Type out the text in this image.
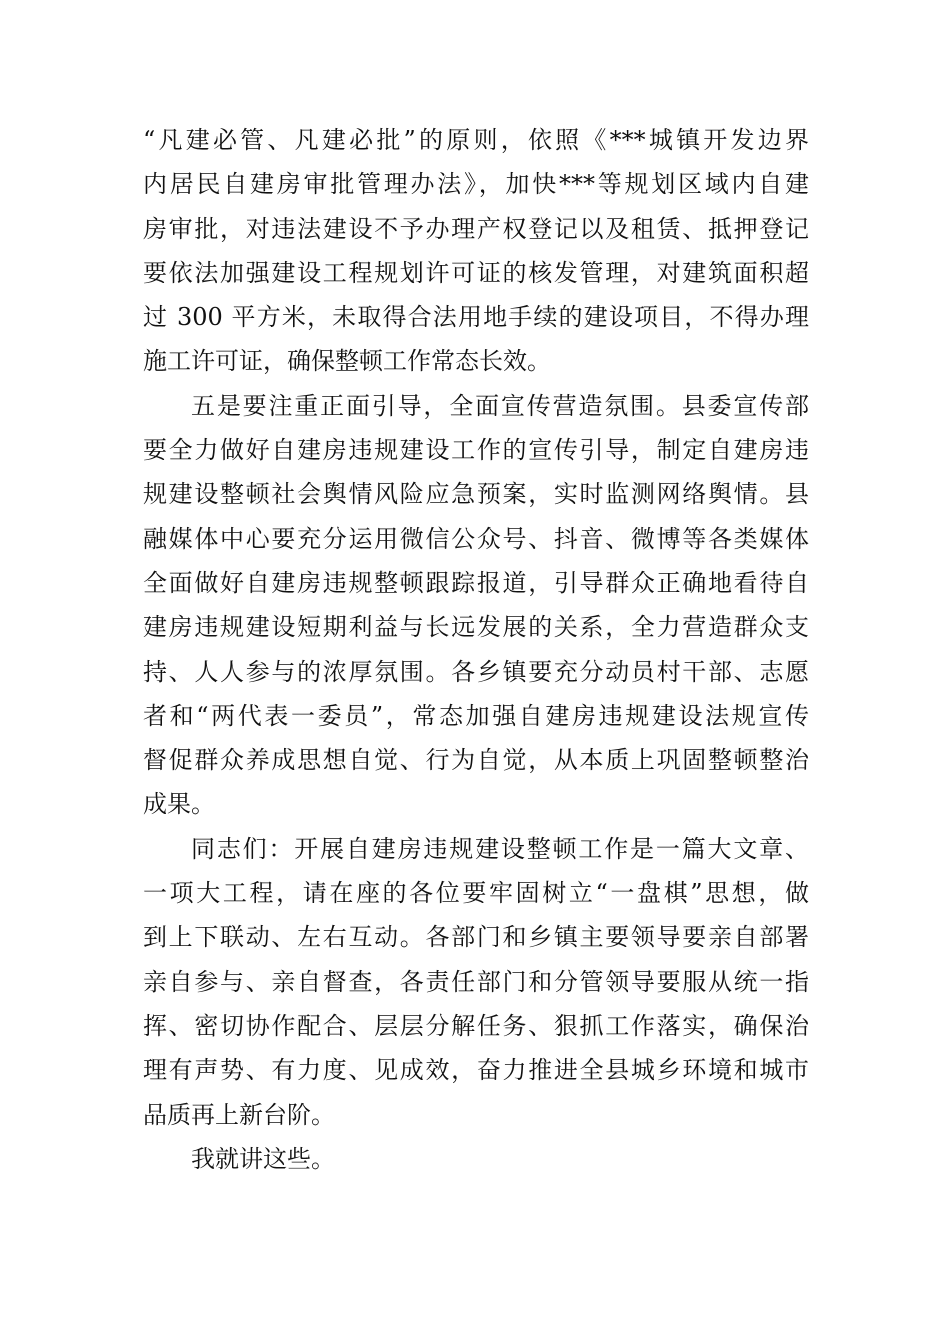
“凡建必管、凡建必批”的原则，依照《***城镇开发边界
内居民自建房审批管理办法》，加快***等规划区域内自建
房审批，对违法建设不予办理产权登记以及租赁、抵押登记
要依法加强建设工程规划许可证的核发管理，对建筑面积超
过 300 平方米，未取得合法用地手续的建设项目，不得办理
施工许可证，确保整顿工作常态长效。
五是要注重正面引导，全面宣传营造氛围。县委宣传部
要全力做好自建房违规建设工作的宣传引导，制定自建房违
规建设整顿社会舆情风险应急预案，实时监测网络舆情。县
融媒体中心要充分运用微信公众号、抖音、微博等各类媒体
全面做好自建房违规整顿跟踪报道，引导群众正确地看待自
建房违规建设短期利益与长远发展的关系，全力营造群众支
持、人人参与的浓厚氛围。各乡镇要充分动员村干部、志愿
者和“两代表一委员”，常态加强自建房违规建设法规宣传
督促群众养成思想自觉、行为自觉，从本质上巩固整顿整治
成果。
同志们：开展自建房违规建设整顿工作是一篇大文章、
一项大工程，请在座的各位要牢固树立“一盘棋”思想，做
到上下联动、左右互动。各部门和乡镇主要领导要亲自部署
亲自参与、亲自督查，各责任部门和分管领导要服从统一指
挥、密切协作配合、层层分解任务、狠抓工作落实，确保治
理有声势、有力度、见成效，奋力推进全县城乡环境和城市
品质再上新台阶。
我就讲这些。
